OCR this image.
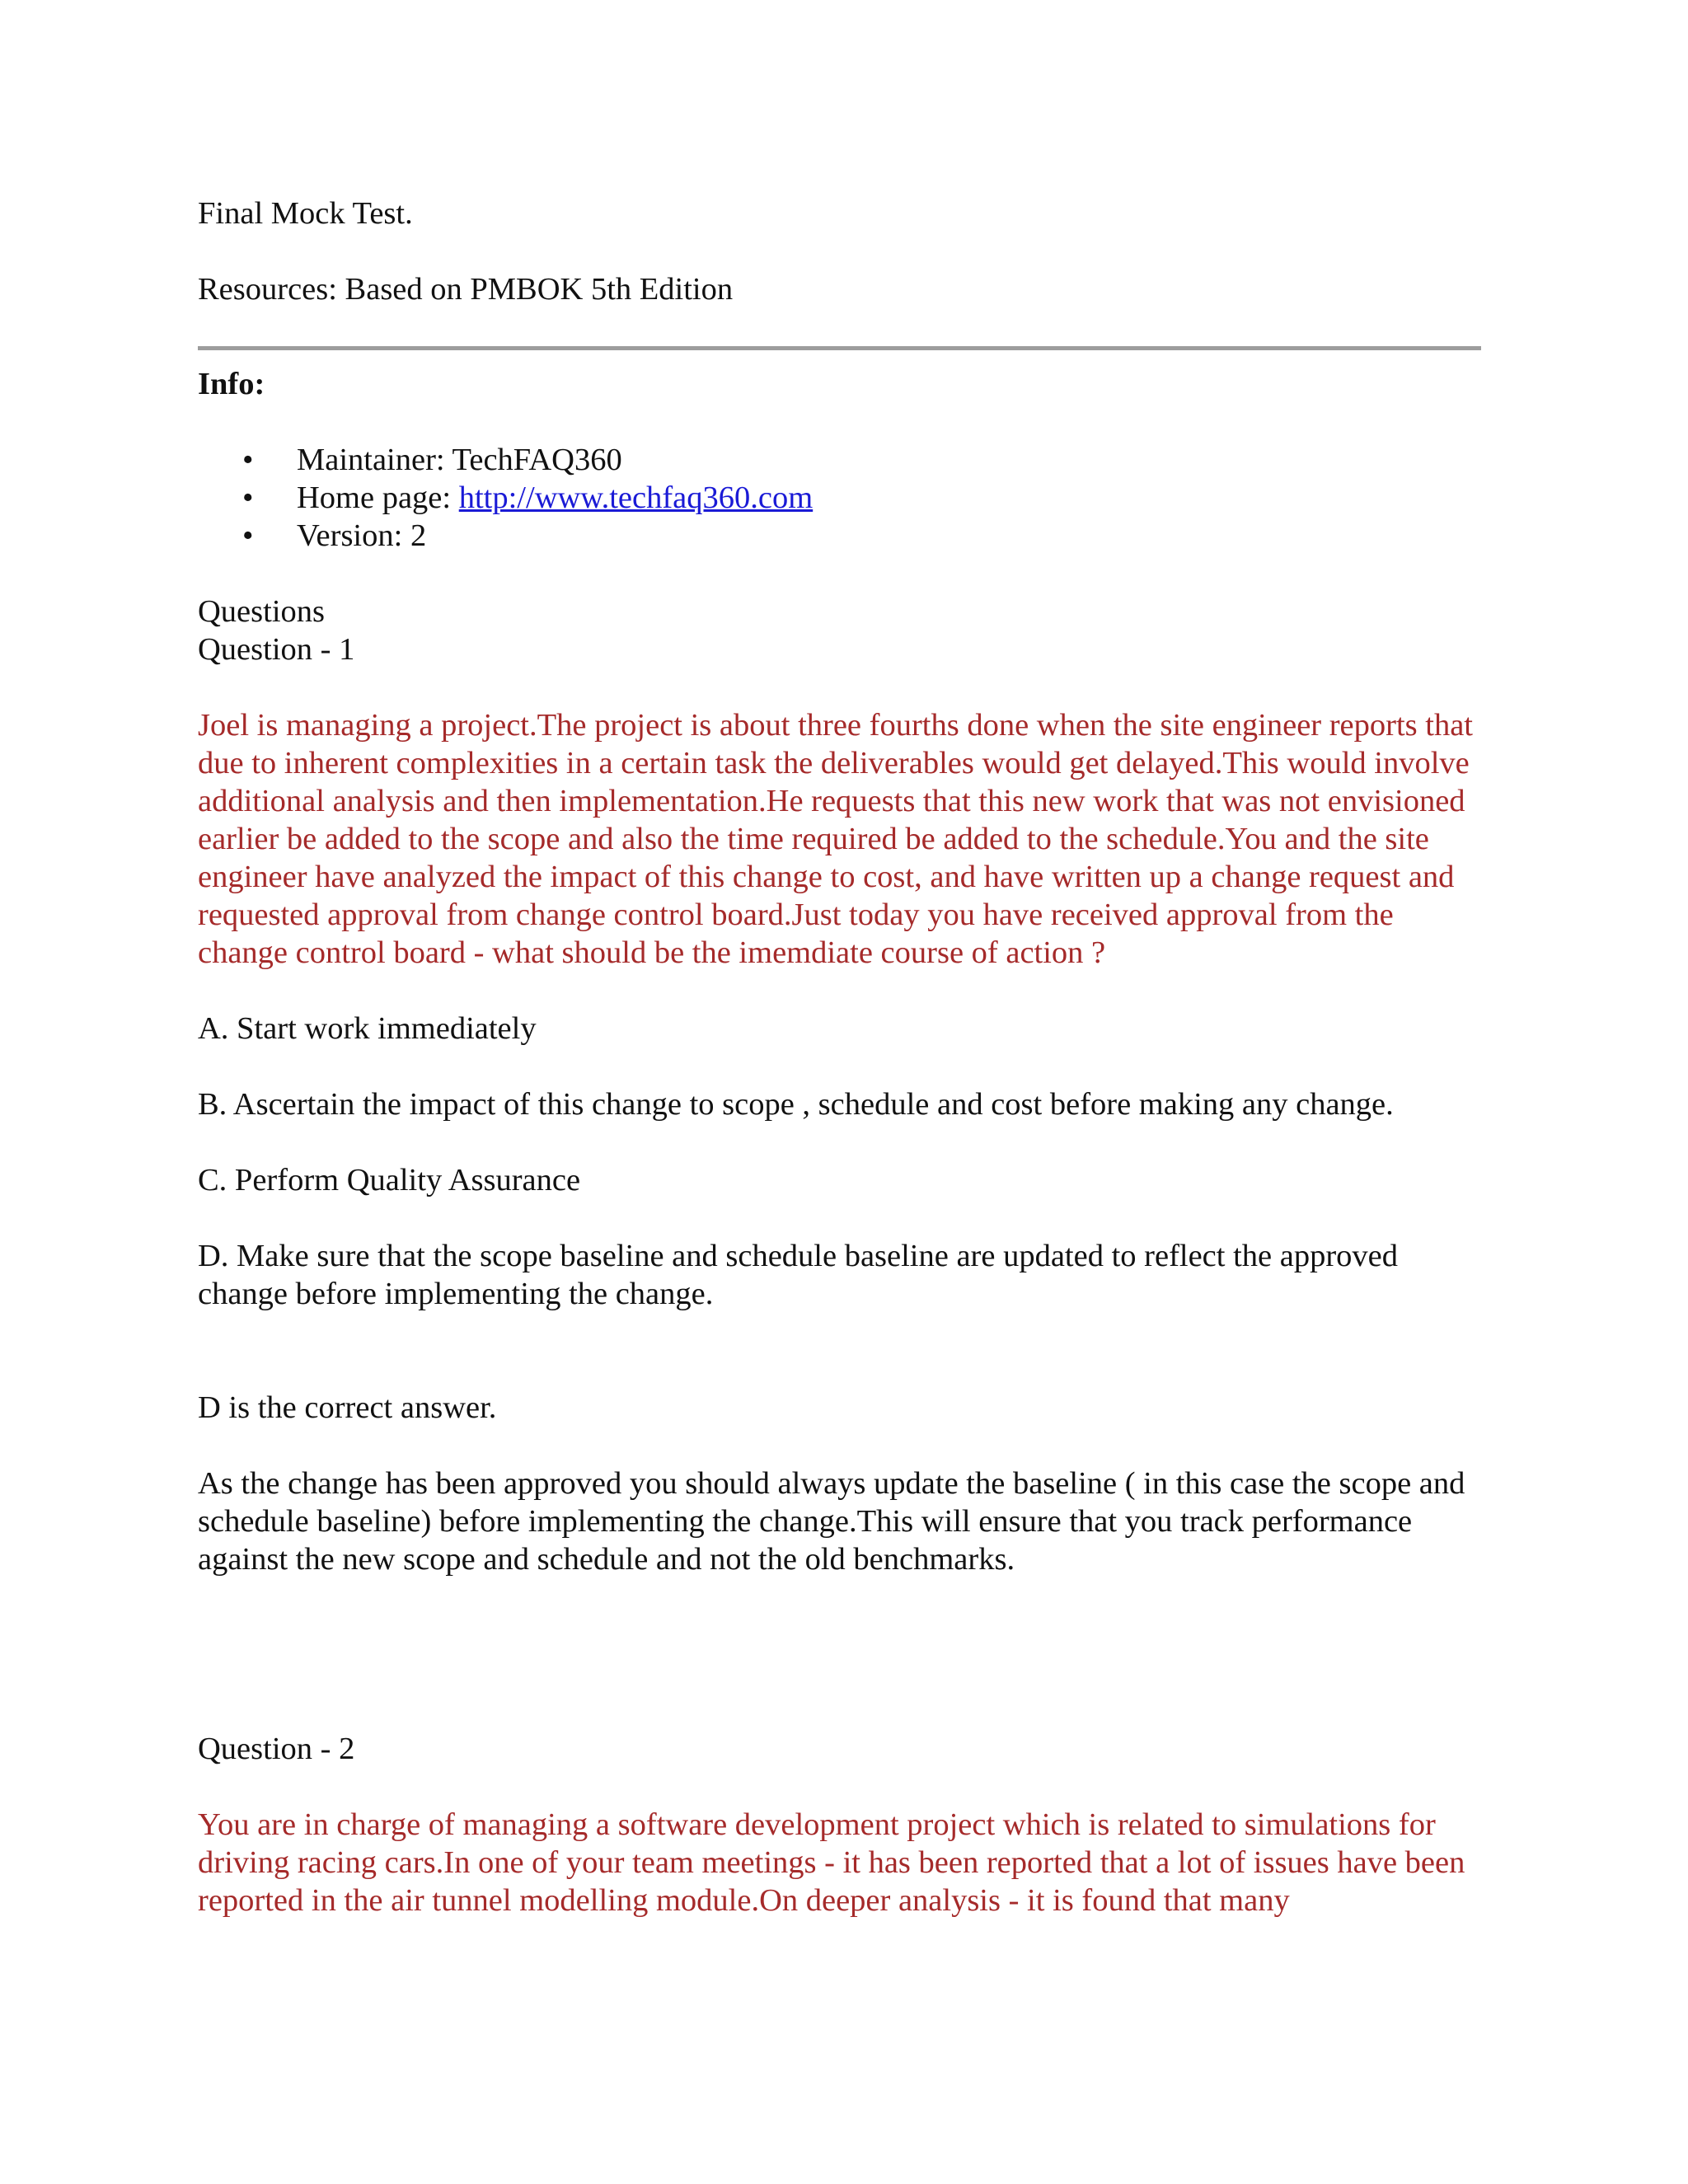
Final Mock Test.

Resources: Based on PMBOK 5th Edition

Info:

• Maintainer: TechFAQ360
• Home page: http://www.techfaq360.com
• Version: 2

Questions

Question - 1

Joel is managing a project.The project is about three fourths done when the site engineer reports that due to inherent complexities in a certain task the deliverables would get delayed.This would involve additional analysis and then implementation.He requests that this new work that was not envisioned earlier be added to the scope and also the time required be added to the schedule.You and the site engineer have analyzed the impact of this change to cost, and have written up a change request and requested approval from change control board.Just today you have received approval from the change control board - what should be the imemdiate course of action ?

A. Start work immediately

B. Ascertain the impact of this change to scope , schedule and cost before making any change.

C. Perform Quality Assurance

D. Make sure that the scope baseline and schedule baseline are updated to reflect the approved change before implementing the change.

D is the correct answer.

As the change has been approved you should always update the baseline ( in this case the scope and schedule baseline) before implementing the change.This will ensure that you track performance against the new scope and schedule and not the old benchmarks.

Question - 2

You are in charge of managing a software development project which is related to simulations for driving racing cars.In one of your team meetings - it has been reported that a lot of issues have been reported in the air tunnel modelling module.On deeper analysis - it is found that many
